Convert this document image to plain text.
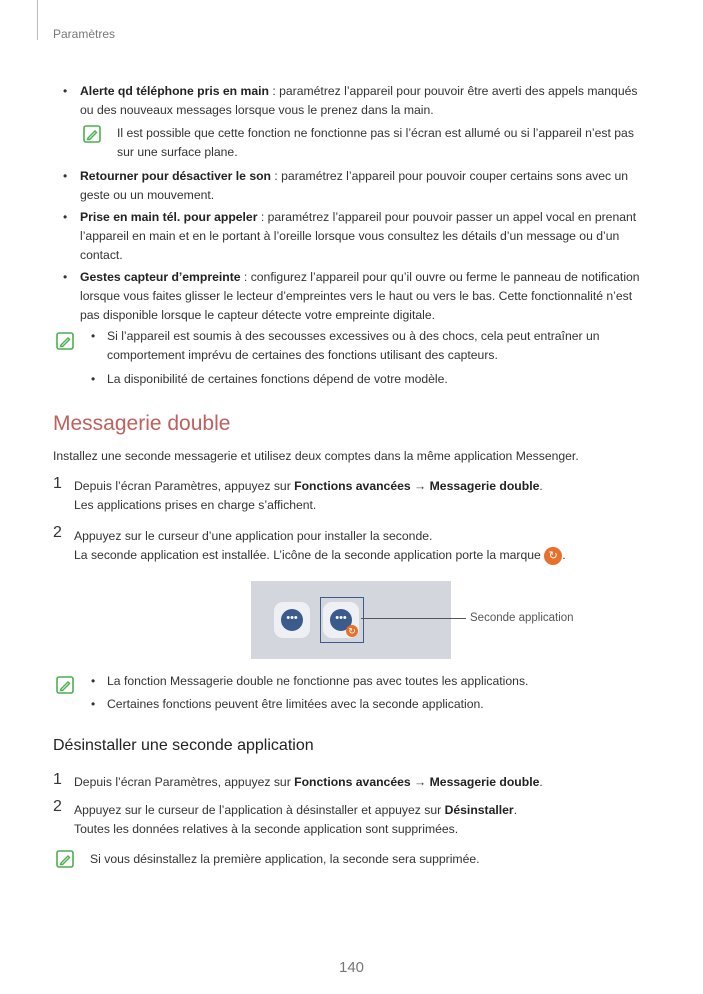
Paramètres
• Alerte qd téléphone pris en main : paramétrez l’appareil pour pouvoir être averti des appels manqués
ou des nouveaux messages lorsque vous le prenez dans la main.
Il est possible que cette fonction ne fonctionne pas si l’écran est allumé ou si l’appareil n’est pas
sur une surface plane.
• Retourner pour désactiver le son : paramétrez l’appareil pour pouvoir couper certains sons avec un
geste ou un mouvement.
• Prise en main tél. pour appeler : paramétrez l’appareil pour pouvoir passer un appel vocal en prenant
l’appareil en main et en le portant à l’oreille lorsque vous consultez les détails d’un message ou d’un
contact.
• Gestes capteur d’empreinte : configurez l’appareil pour qu’il ouvre ou ferme le panneau de notification
lorsque vous faites glisser le lecteur d’empreintes vers le haut ou vers le bas. Cette fonctionnalité n’est
pas disponible lorsque le capteur détecte votre empreinte digitale.
• Si l’appareil est soumis à des secousses excessives ou à des chocs, cela peut entraîner un
comportement imprévu de certaines des fonctions utilisant des capteurs.
• La disponibilité de certaines fonctions dépend de votre modèle.
Messagerie double
Installez une seconde messagerie et utilisez deux comptes dans la même application Messenger.
1 Depuis l’écran Paramètres, appuyez sur Fonctions avancées → Messagerie double.
Les applications prises en charge s’affichent.
2 Appuyez sur le curseur d’une application pour installer la seconde.
La seconde application est installée. L’icône de la seconde application porte la marque ↻ .
•••	•••
↻
Seconde application
• La fonction Messagerie double ne fonctionne pas avec toutes les applications.
• Certaines fonctions peuvent être limitées avec la seconde application.
Désinstaller une seconde application
1 Depuis l’écran Paramètres, appuyez sur Fonctions avancées → Messagerie double.
2 Appuyez sur le curseur de l’application à désinstaller et appuyez sur Désinstaller.
Toutes les données relatives à la seconde application sont supprimées.
Si vous désinstallez la première application, la seconde sera supprimée.
140
